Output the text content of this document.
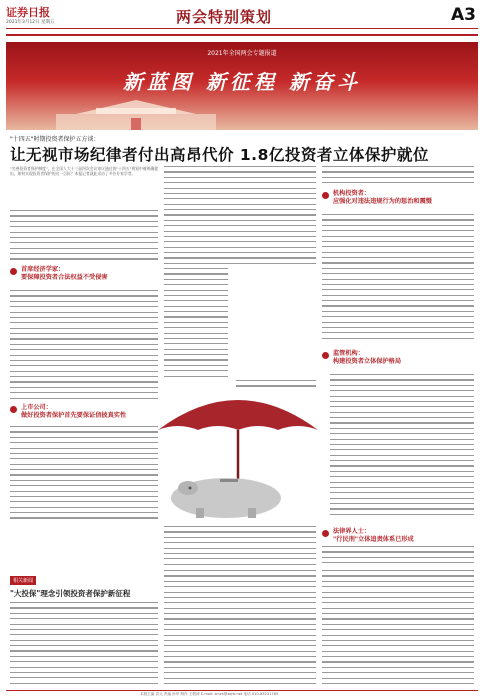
证券日报
2021年3月12日 星期五	两会特别策划	A3
2021年全国两会专题报道
新蓝图 新征程 新奋斗
"十四五"时期投资者保护五方谈：
让无视市场纪律者付出高昂代价 1.8亿投资者立体保护就位
"完善投资者保护制度"，在全国人大十三届四次会议审议通过的"十四五"规划中被明确提出。如何实现投资者保护的这一目标？本报记者就此采访了多位专家学者。
首席经济学家：
要保障投资者合法权益不受侵害
上市公司：
做好投资者保护首先要保证信披真实性
机构投资者：
应强化对违法违规行为的惩治和震慑
监管机构：
构建投资者立体保护格局
法律界人士：
"行民刑"立体追责体系已形成
相关新闻
"大投保"理念引领投资者保护新征程
本版主编 袁元 责编 孙华 制作 王敬涛 E-mail: zmzx@zqrb.net 电话 010-83251785
